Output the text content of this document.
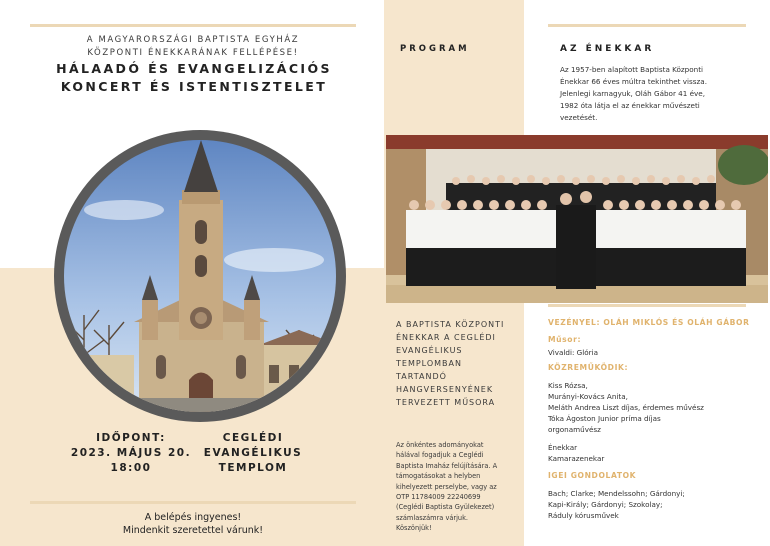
A MAGYARORSZÁGI BAPTISTA EGYHÁZ
KÖZPONTI ÉNEKKARÁNAK FELLÉPÉSE!
HÁLAADÓ ÉS EVANGELIZÁCIÓS
KONCERT ÉS ISTENTISZTELET
IDŐPONT:
2023. MÁJUS 20.
18:00
CEGLÉDI
EVANGÉLIKUS
TEMPLOM
A belépés ingyenes!
Mindenkit szeretettel várunk!
PROGRAM
A BAPTISTA KÖZPONTI
ÉNEKKAR A CEGLÉDI
EVANGÉLIKUS
TEMPLOMBAN
TARTANDÓ
HANGVERSENYÉNEK
TERVEZETT MŰSORA
Az önkéntes adományokat
hálával fogadjuk a Ceglédi
Baptista Imaház felújítására. A
támogatásokat a helyben
kihelyezett perselybe, vagy az
OTP 11784009 22240699
(Ceglédi Baptista Gyülekezet)
számlaszámra várjuk.
Köszönjük!
AZ ÉNEKKAR
Az 1957-ben alapított Baptista Központi
Énekkar 66 éves múltra tekinthet vissza.
Jelenlegi karnagyuk, Oláh Gábor 41 éve,
1982 óta látja el az énekkar művészeti
vezetését.
VEZÉNYEL: OLÁH MIKLÓS ÉS OLÁH GÁBOR
Műsor:
Vivaldi: Glória
KÖZREMŰKÖDIK:
Kiss Rózsa,
Murányi-Kovács Anita,
Meláth Andrea Liszt díjas, érdemes művész
Tóka Ágoston Junior príma díjas
orgonaművész
Énekkar
Kamarazenekar
IGEI GONDOLATOK
Bach; Clarke; Mendelssohn; Gárdonyi;
Kapi-Király; Gárdonyi; Szokolay;
Ráduly kórusművek
